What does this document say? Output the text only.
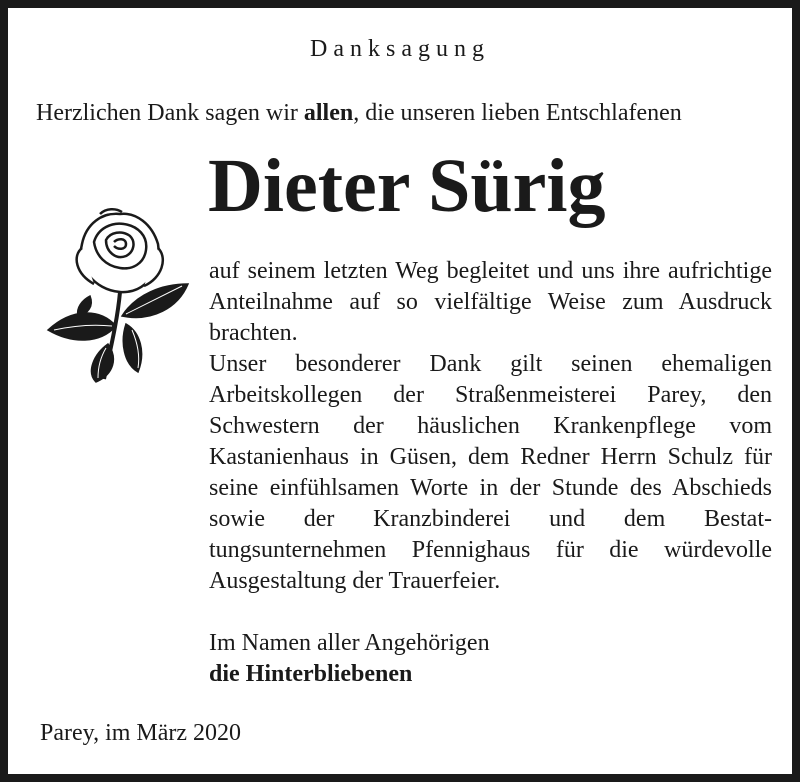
Danksagung
Herzlichen Dank sagen wir allen, die unseren lieben Entschlafenen
Dieter Sürig

auf seinem letzten Weg begleitet und uns ihre aufrichtige Anteilnahme auf so vielfältige Weise zum Ausdruck brachten.

Unser besonderer Dank gilt seinen ehemaligen Arbeitskollegen der Straßenmeisterei Parey, den Schwestern der häuslichen Krankenpflege vom Kastanienhaus in Güsen, dem Redner Herrn Schulz für seine einfühlsamen Worte in der Stunde des Abschieds sowie der Kranzbinderei und dem Bestattungsunternehmen Pfennighaus für die würdevolle Ausgestaltung der Trauerfeier.

Im Namen aller Angehörigen
die Hinterbliebenen
Parey, im März 2020
